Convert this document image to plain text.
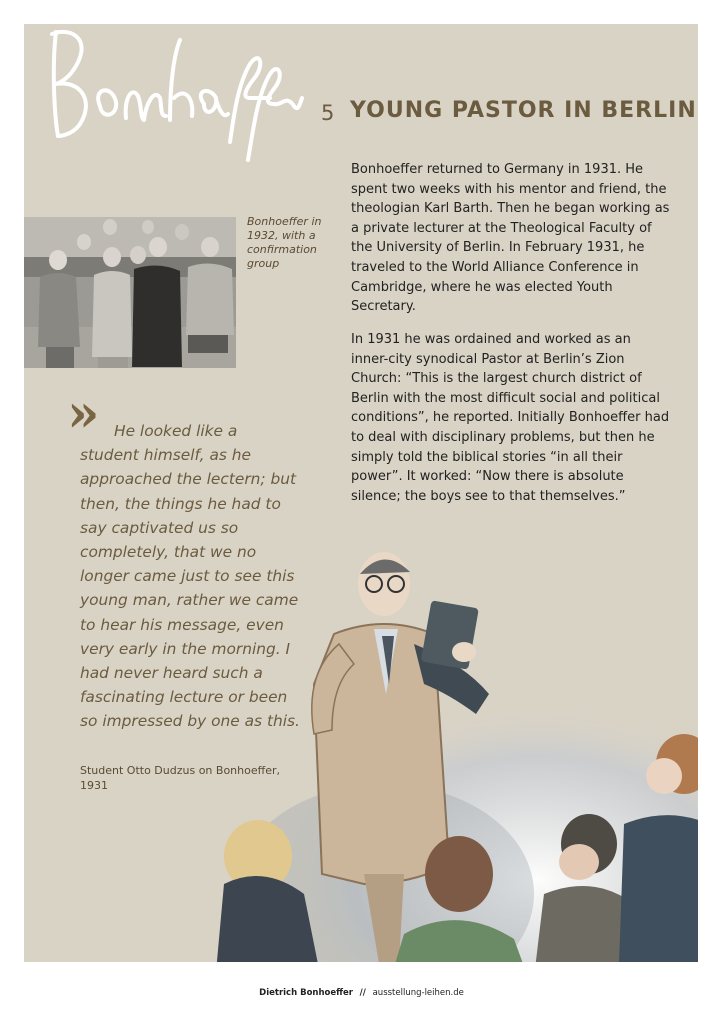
5 YOUNG PASTOR IN BERLIN

Bonhoeffer returned to Germany in 1931. He spent two weeks with his mentor and friend, the theologian Karl Barth. Then he began working as a private lecturer at the Theological Faculty of the University of Berlin. In February 1931, he traveled to the World Alliance Conference in Cambridge, where he was elected Youth Secretary.

In 1931 he was ordained and worked as an inner-city synodical Pastor at Berlin’s Zion Church: “This is the largest church district of Berlin with the most difficult social and political conditions”, he reported. Initially Bonhoeffer had to deal with disciplinary problems, but then he simply told the biblical stories “in all their power”. It worked: “Now there is absolute silence; the boys see to that themselves.”

Bonhoeffer in 1932, with a confirmation group

» He looked like a student himself, as he approached the lectern; but then, the things he had to say captivated us so completely, that we no longer came just to see this young man, rather we came to hear his message, even very early in the morning. I had never heard such a fascinating lecture or been so impressed by one as this.

Student Otto Dudzus on Bonhoeffer, 1931

Dietrich Bonhoeffer // ausstellung-leihen.de
